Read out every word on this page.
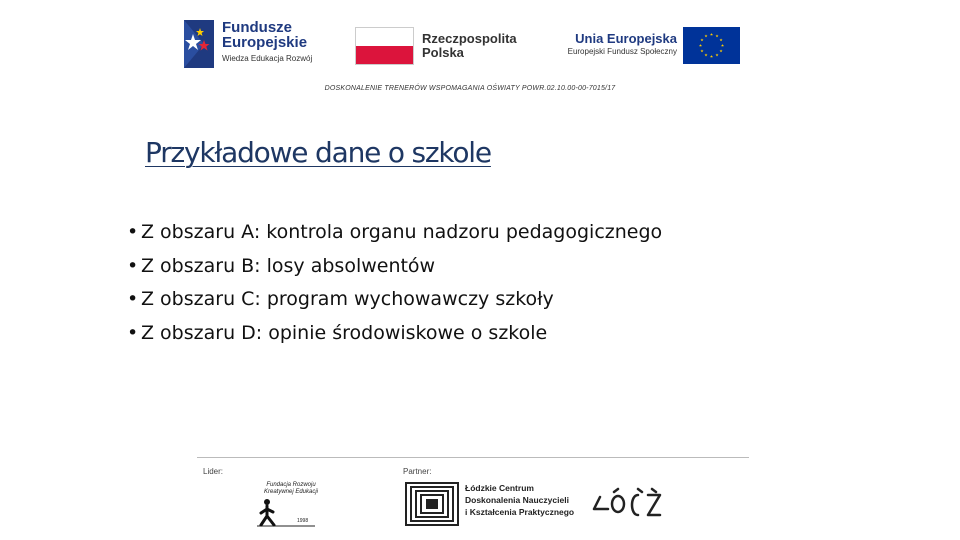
Fundusze
Europejskie
Wiedza Edukacja Rozwój
Rzeczpospolita
Polska
Unia Europejska
Europejski Fundusz Społeczny
DOSKONALENIE TRENERÓW WSPOMAGANIA OŚWIATY POWR.02.10.00-00-7015/17
Przykładowe dane o szkole
• Z obszaru A: kontrola organu nadzoru pedagogicznego
• Z obszaru B: losy absolwentów
• Z obszaru C: program wychowawczy szkoły
• Z obszaru D: opinie środowiskowe o szkole
Lider:	Partner:
Fundacja Rozwoju
Kreatywnej Edukacji
1998
Łódzkie Centrum
Doskonalenia Nauczycieli
i Kształcenia Praktycznego
